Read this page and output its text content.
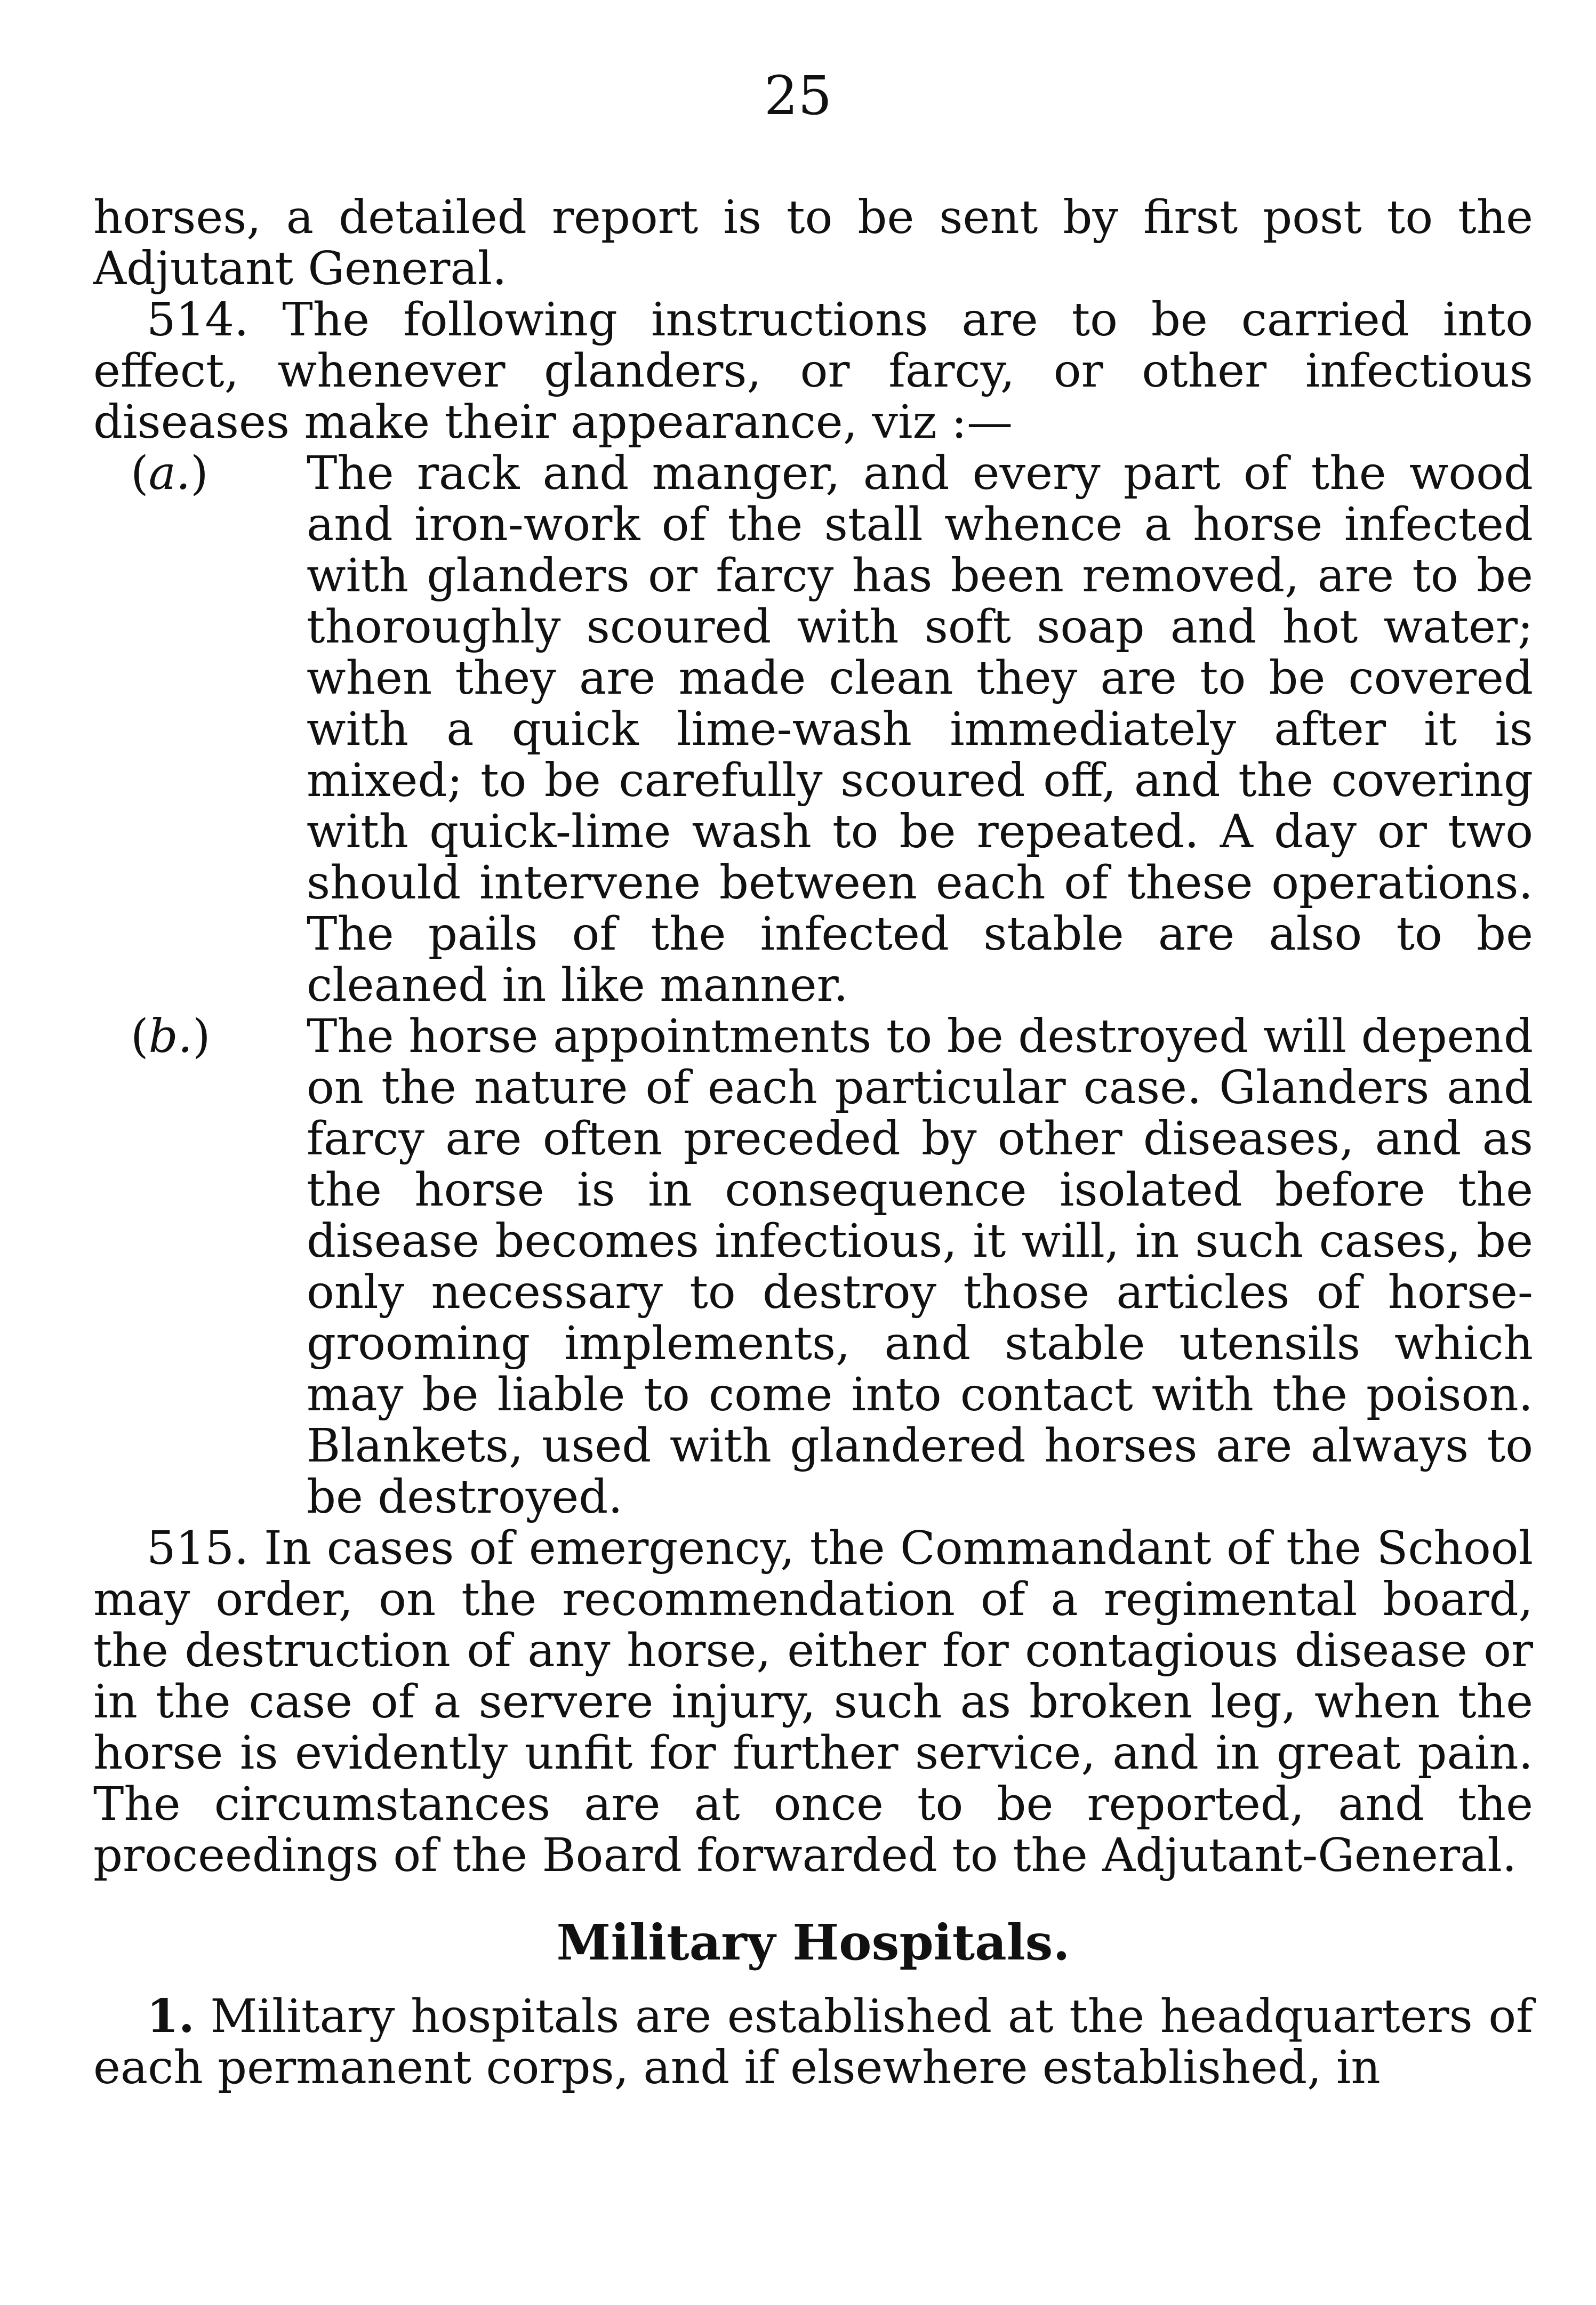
25

horses, a detailed report is to be sent by first post to the Adjutant General.

514. The following instructions are to be carried into effect, whenever glanders, or farcy, or other infectious diseases make their appearance, viz :—

(a.)	The rack and manger, and every part of the wood and iron-work of the stall whence a horse infected with glanders or farcy has been removed, are to be thoroughly scoured with soft soap and hot water; when they are made clean they are to be covered with a quick lime-wash immediately after it is mixed; to be carefully scoured off, and the covering with quick-lime wash to be repeated. A day or two should intervene between each of these operations. The pails of the infected stable are also to be cleaned in like manner.
(b.)	The horse appointments to be destroyed will depend on the nature of each particular case. Glanders and farcy are often preceded by other diseases, and as the horse is in consequence isolated before the disease becomes infectious, it will, in such cases, be only necessary to destroy those articles of horse-grooming implements, and stable utensils which may be liable to come into contact with the poison. Blankets, used with glandered horses are always to be destroyed.

515. In cases of emergency, the Commandant of the School may order, on the recommendation of a regimental board, the destruction of any horse, either for contagious disease or in the case of a servere injury, such as broken leg, when the horse is evidently unfit for further service, and in great pain. The circumstances are at once to be reported, and the proceedings of the Board forwarded to the Adjutant-General.

Military Hospitals.

1. Military hospitals are established at the headquarters of each permanent corps, and if elsewhere established, in
